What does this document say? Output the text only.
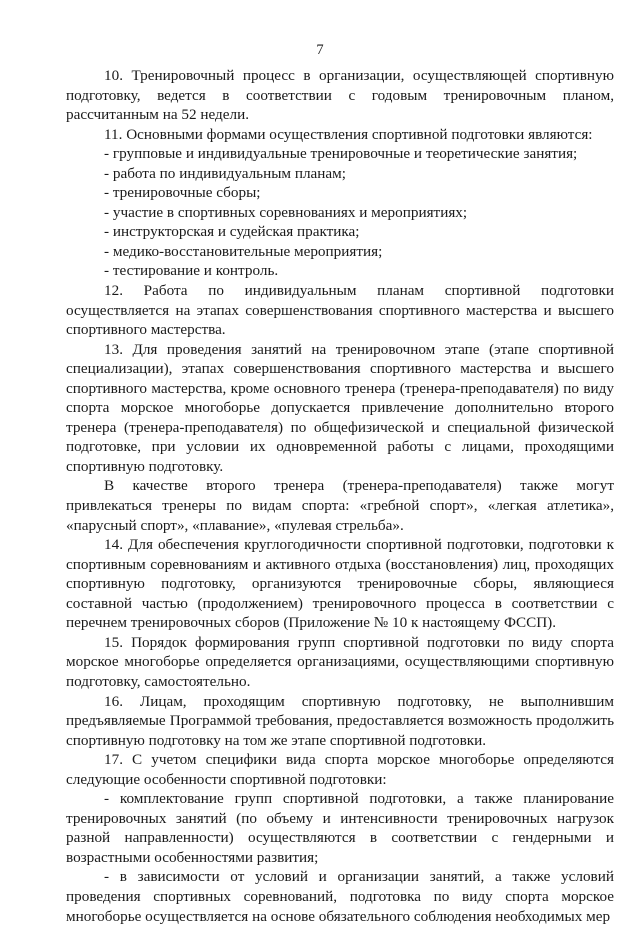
7

10. Тренировочный процесс в организации, осуществляющей спортивную подготовку, ведется в соответствии с годовым тренировочным планом, рассчитанным на 52 недели.

11. Основными формами осуществления спортивной подготовки являются:

- групповые и индивидуальные тренировочные и теоретические занятия;

- работа по индивидуальным планам;

- тренировочные сборы;

- участие в спортивных соревнованиях и мероприятиях;

- инструкторская и судейская практика;

- медико-восстановительные мероприятия;

- тестирование и контроль.

12. Работа по индивидуальным планам спортивной подготовки осуществляется на этапах совершенствования спортивного мастерства и высшего спортивного мастерства.

13. Для проведения занятий на тренировочном этапе (этапе спортивной специализации), этапах совершенствования спортивного мастерства и высшего спортивного мастерства, кроме основного тренера (тренера-преподавателя) по виду спорта морское многоборье допускается привлечение дополнительно второго тренера (тренера-преподавателя) по общефизической и специальной физической подготовке, при условии их одновременной работы с лицами, проходящими спортивную подготовку.

В качестве второго тренера (тренера-преподавателя) также могут привлекаться тренеры по видам спорта: «гребной спорт», «легкая атлетика», «парусный спорт», «плавание», «пулевая стрельба».

14. Для обеспечения круглогодичности спортивной подготовки, подготовки к спортивным соревнованиям и активного отдыха (восстановления) лиц, проходящих спортивную подготовку, организуются тренировочные сборы, являющиеся составной частью (продолжением) тренировочного процесса в соответствии с перечнем тренировочных сборов (Приложение № 10 к настоящему ФССП).

15. Порядок формирования групп спортивной подготовки по виду спорта морское многоборье определяется организациями, осуществляющими спортивную подготовку, самостоятельно.

16. Лицам, проходящим спортивную подготовку, не выполнившим предъявляемые Программой требования, предоставляется возможность продолжить спортивную подготовку на том же этапе спортивной подготовки.

17. С учетом специфики вида спорта морское многоборье определяются следующие особенности спортивной подготовки:

- комплектование групп спортивной подготовки, а также планирование тренировочных занятий (по объему и интенсивности тренировочных нагрузок разной направленности) осуществляются в соответствии с гендерными и возрастными особенностями развития;

- в зависимости от условий и организации занятий, а также условий проведения спортивных соревнований, подготовка по виду спорта морское многоборье осуществляется на основе обязательного соблюдения необходимых мер
